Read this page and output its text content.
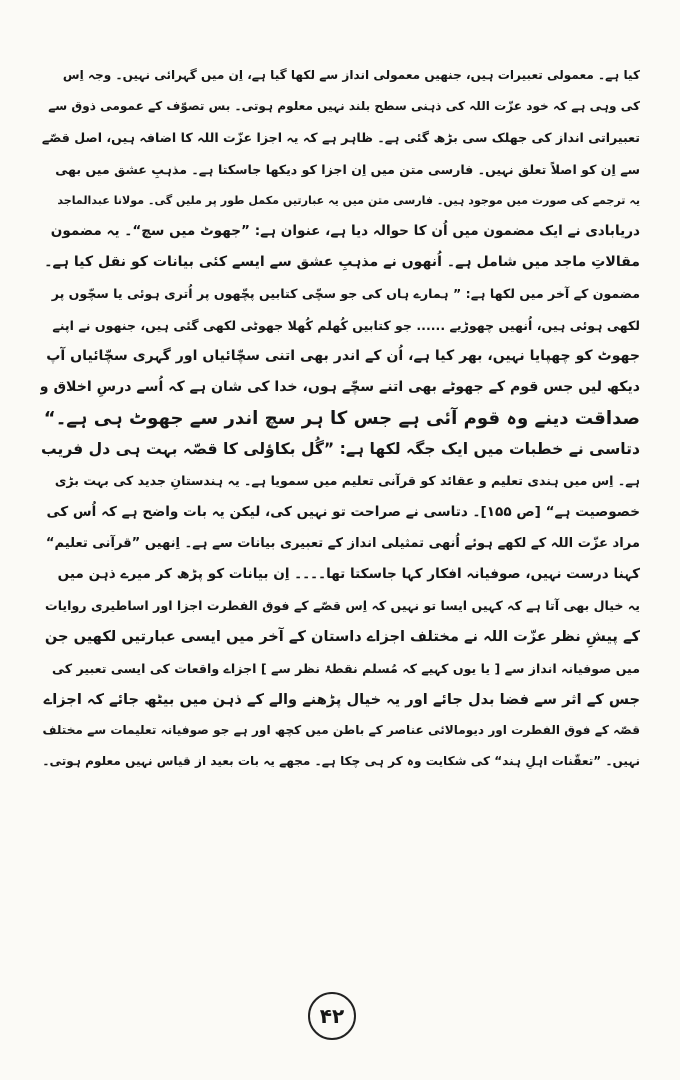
کیا ہے۔ معمولی تعبیرات ہیں، جنھیں معمولی انداز سے لکھا گیا ہے، اِن میں گہرائی نہیں۔ وجہ اِس
کی وہی ہے کہ خود عزّت اللہ کی ذہنی سطح بلند نہیں معلوم ہوتی۔ بس تصوّف کے عمومی ذوق سے
تعبیراتی انداز کی جھلک سی بڑھ گئی ہے۔ ظاہر ہے کہ یہ اجزا عزّت اللہ کا اضافہ ہیں، اصل قصّے
سے اِن کو اصلاً تعلق نہیں۔ فارسی متن میں اِن اجزا کو دیکھا جاسکتا ہے۔ مذہبِ عشق میں بھی
یہ ترجمے کی صورت میں موجود ہیں۔ فارسی متن میں یہ عبارتیں مکمل طور پر ملیں گی۔ مولانا عبدالماجد
دریابادی نے ایک مضمون میں اُن کا حوالہ دیا ہے، عنوان ہے: ”جھوٹ میں سچ“۔ یہ مضمون
مقالاتِ ماجد میں شامل ہے۔ اُنھوں نے مذہبِ عشق سے ایسے کئی بیانات کو نقل کیا ہے۔
مضمون کے آخر میں لکھا ہے: ” ہمارے ہاں کی جو سچّی کتابیں پچّھوں پر اُتری ہوئی یا سچّوں پر
لکھی ہوئی ہیں، اُنھیں چھوڑیے ...... جو کتابیں کُھلم کُھلا جھوٹی لکھی گئی ہیں، جنھوں نے اپنے
جھوٹ کو چھپایا نہیں، بھر کیا ہے، اُن کے اندر بھی اتنی سچّائیاں اور گہری سچّائیاں آپ
دیکھ لیں جس قوم کے جھوٹے بھی اتنے سچّے ہوں، خدا کی شان ہے کہ اُسے درسِ اخلاق و
صداقت دینے وہ قوم آئی ہے جس کا ہر سچ اندر سے جھوٹ ہی ہے۔“
دتاسی نے خطبات میں ایک جگہ لکھا ہے: ”گُل بکاؤلی کا قصّہ بہت ہی دل فریب
ہے۔ اِس میں ہندی تعلیم و عقائد کو قرآنی تعلیم میں سمویا ہے۔ یہ ہندستانِ جدید کی بہت بڑی
خصوصیت ہے“ [ص ۱۵۵]۔ دتاسی نے صراحت تو نہیں کی، لیکن یہ بات واضح ہے کہ اُس کی
مراد عزّت اللہ کے لکھے ہوئے اُنھی تمثیلی انداز کے تعبیری بیانات سے ہے۔ اِنھیں ”قرآنی تعلیم“
کہنا درست نہیں، صوفیانہ افکار کہا جاسکتا تھا۔۔۔۔ اِن بیانات کو پڑھ کر میرے ذہن میں
یہ خیال بھی آتا ہے کہ کہیں ایسا تو نہیں کہ اِس قصّے کے فوق الفطرت اجزا اور اساطیری روایات
کے پیشِ نظر عزّت اللہ نے مختلف اجزاے داستان کے آخر میں ایسی عبارتیں لکھیں جن
میں صوفیانہ انداز سے [ یا یوں کہیے کہ مُسلم نقطۂ نظر سے ] اجزاے واقعات کی ایسی تعبیر کی
جس کے اثر سے فضا بدل جائے اور یہ خیال پڑھنے والے کے ذہن میں بیٹھ جائے کہ اجزاے
قصّہ کے فوق الفطرت اور دیومالائی عناصر کے باطن میں کچھ اور ہے جو صوفیانہ تعلیمات سے مختلف
نہیں۔ ”تعقّنات اہلِ ہند“ کی شکایت وہ کر ہی چکا ہے۔ مجھے یہ بات بعید از قیاس نہیں معلوم ہوتی۔
۴۲
